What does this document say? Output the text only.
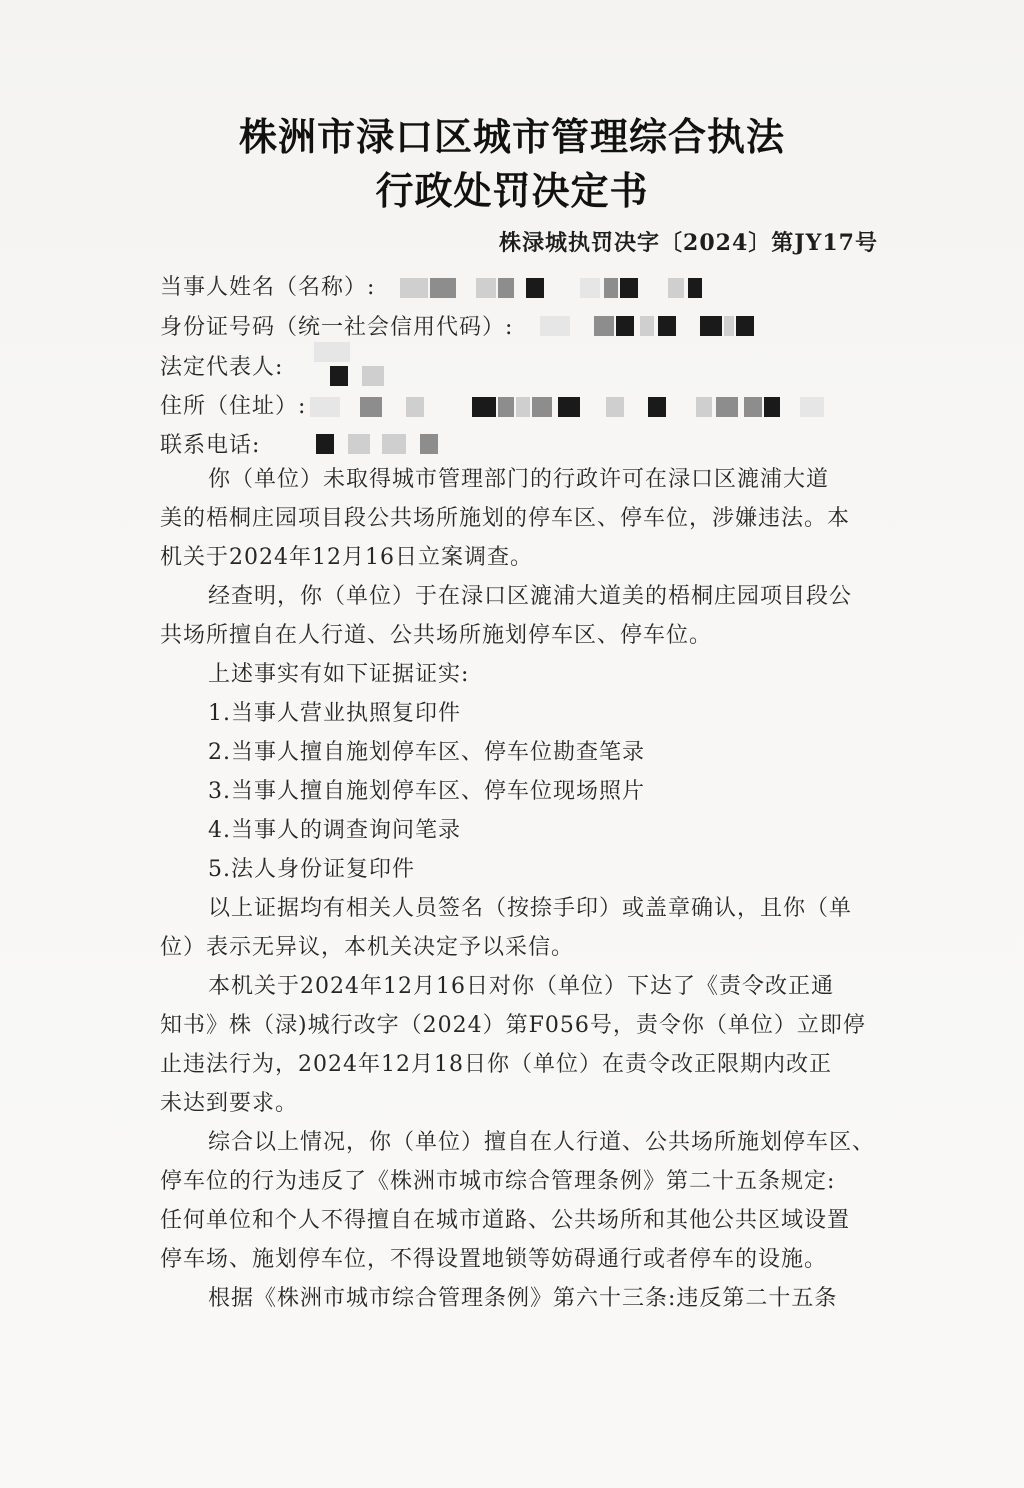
株洲市渌口区城市管理综合执法
行政处罚决定书
株渌城执罚决字〔2024〕第JY17号
当事人姓名（名称）:
身份证号码（统一社会信用代码）:
法定代表人:
住所（住址）:
联系电话:
你（单位）未取得城市管理部门的行政许可在渌口区漉浦大道
美的梧桐庄园项目段公共场所施划的停车区、停车位，涉嫌违法。本
机关于2024年12月16日立案调查。
经查明，你（单位）于在渌口区漉浦大道美的梧桐庄园项目段公
共场所擅自在人行道、公共场所施划停车区、停车位。
上述事实有如下证据证实:
1.当事人营业执照复印件
2.当事人擅自施划停车区、停车位勘查笔录
3.当事人擅自施划停车区、停车位现场照片
4.当事人的调查询问笔录
5.法人身份证复印件
以上证据均有相关人员签名（按捺手印）或盖章确认，且你（单
位）表示无异议，本机关决定予以采信。
本机关于2024年12月16日对你（单位）下达了《责令改正通
知书》株（渌)城行改字（2024）第F056号，责令你（单位）立即停
止违法行为，2024年12月18日你（单位）在责令改正限期内改正
未达到要求。
综合以上情况，你（单位）擅自在人行道、公共场所施划停车区、
停车位的行为违反了《株洲市城市综合管理条例》第二十五条规定:
任何单位和个人不得擅自在城市道路、公共场所和其他公共区域设置
停车场、施划停车位，不得设置地锁等妨碍通行或者停车的设施。
根据《株洲市城市综合管理条例》第六十三条:违反第二十五条
